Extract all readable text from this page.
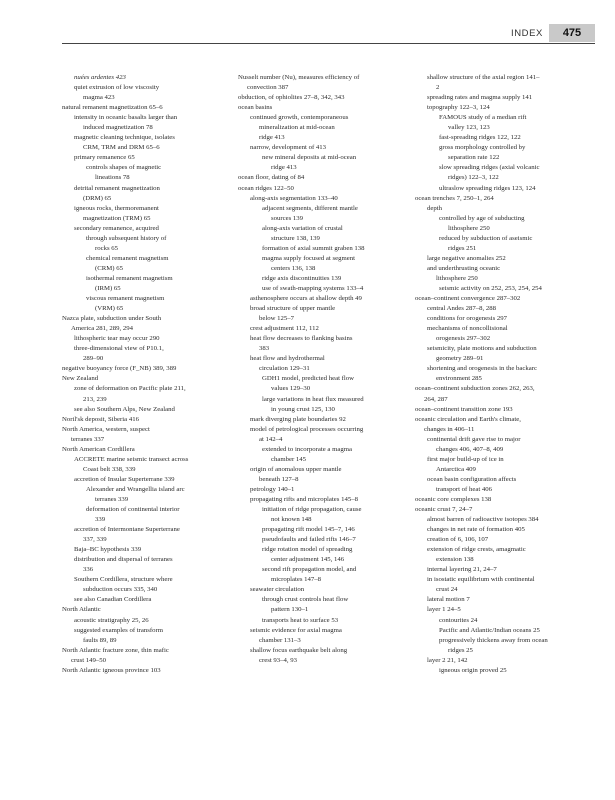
INDEX	475
nuées ardentes 423
quiet extrusion of low viscosity
magma 423
natural remanent magnetization 65–6
intensity in oceanic basalts larger than
induced magnetization 78
magnetic cleaning technique, isolates
CRM, TRM and DRM 65–6
primary remanence 65
controls shapes of magnetic
lineations 78
detrital remanent magnetization
(DRM) 65
igneous rocks, thermoremanent
magnetization (TRM) 65
secondary remanence, acquired
through subsequent history of
rocks 65
chemical remanent magnetism
(CRM) 65
isothermal remanent magnetism
(IRM) 65
viscous remanent magnetism
(VRM) 65
Nazca plate, subduction under South
America 281, 289, 294
lithospheric tear may occur 290
three-dimensional view of P10.1,
289–90
negative buoyancy force (F_NB) 389, 389
New Zealand
zone of deformation on Pacific plate 211,
213, 239
see also Southern Alps, New Zealand
Noril'sk deposit, Siberia 416
North America, western, suspect
terranes 337
North American Cordillera
ACCRETE marine seismic transect across
Coast belt 338, 339
accretion of Insular Superterrane 339
Alexander and Wrangellia island arc
terranes 339
deformation of continental interior
339
accretion of Intermontane Superterrane
337, 339
Baja–BC hypothesis 339
distribution and dispersal of terranes
336
Southern Cordillera, structure where
subduction occurs 335, 340
see also Canadian Cordillera
North Atlantic
acoustic stratigraphy 25, 26
suggested examples of transform
faults 89, 89
North Atlantic fracture zone, thin mafic
crust 149–50
North Atlantic igneous province 103
Nusselt number (Nu), measures efficiency of
convection 387
obduction, of ophiolites 27–8, 342, 343
ocean basins
continued growth, contemporaneous
mineralization at mid-ocean
ridge 413
narrow, development of 413
new mineral deposits at mid-ocean
ridge 413
ocean floor, dating of 84
ocean ridges 122–50
along-axis segmentation 133–40
adjacent segments, different mantle
sources 139
along-axis variation of crustal
structure 138, 139
formation of axial summit graben 138
magma supply focused at segment
centers 136, 138
ridge axis discontinuities 139
use of swath-mapping systems 133–4
asthenosphere occurs at shallow depth 49
broad structure of upper mantle
below 125–7
crest adjustment 112, 112
heat flow decreases to flanking basins
383
heat flow and hydrothermal
circulation 129–31
GDH1 model, predicted heat flow
values 129–30
large variations in heat flux measured
in young crust 125, 130
mark diverging plate boundaries 92
model of petrological processes occurring
at 142–4
extended to incorporate a magma
chamber 145
origin of anomalous upper mantle
beneath 127–8
petrology 140–1
propagating rifts and microplates 145–8
initiation of ridge propagation, cause
not known 148
propagating rift model 145–7, 146
pseudofaults and failed rifts 146–7
ridge rotation model of spreading
center adjustment 145, 146
second rift propagation model, and
microplates 147–8
seawater circulation
through crust controls heat flow
pattern 130–1
transports heat to surface 53
seismic evidence for axial magma
chamber 131–3
shallow focus earthquake belt along
crest 93–4, 93
shallow structure of the axial region 141–
2
spreading rates and magma supply 141
topography 122–3, 124
FAMOUS study of a median rift
valley 123, 123
fast-spreading ridges 122, 122
gross morphology controlled by
separation rate 122
slow spreading ridges (axial volcanic
ridges) 122–3, 122
ultraslow spreading ridges 123, 124
ocean trenches 7, 250–1, 264
depth
controlled by age of subducting
lithosphere 250
reduced by subduction of aseismic
ridges 251
large negative anomalies 252
and underthrusting oceanic
lithosphere 250
seismic activity on 252, 253, 254, 254
ocean–continent convergence 287–302
central Andes 287–8, 288
conditions for orogenesis 297
mechanisms of noncollisional
orogenesis 297–302
seismicity, plate motions and subduction
geometry 289–91
shortening and orogenesis in the backarc
environment 285
ocean–continent subduction zones 262, 263,
264, 287
ocean–continent transition zone 193
oceanic circulation and Earth's climate,
changes in 406–11
continental drift gave rise to major
changes 406, 407–8, 409
first major build-up of ice in
Antarctica 409
ocean basin configuration affects
transport of heat 406
oceanic core complexes 138
oceanic crust 7, 24–7
almost barren of radioactive isotopes 384
changes in net rate of formation 405
creation of 6, 106, 107
extension of ridge crests, amagmatic
extension 138
internal layering 21, 24–7
in isostatic equilibrium with continental
crust 24
lateral motion 7
layer 1 24–5
contourites 24
Pacific and Atlantic/Indian oceans 25
progressively thickens away from ocean
ridges 25
layer 2 21, 142
igneous origin proved 25
